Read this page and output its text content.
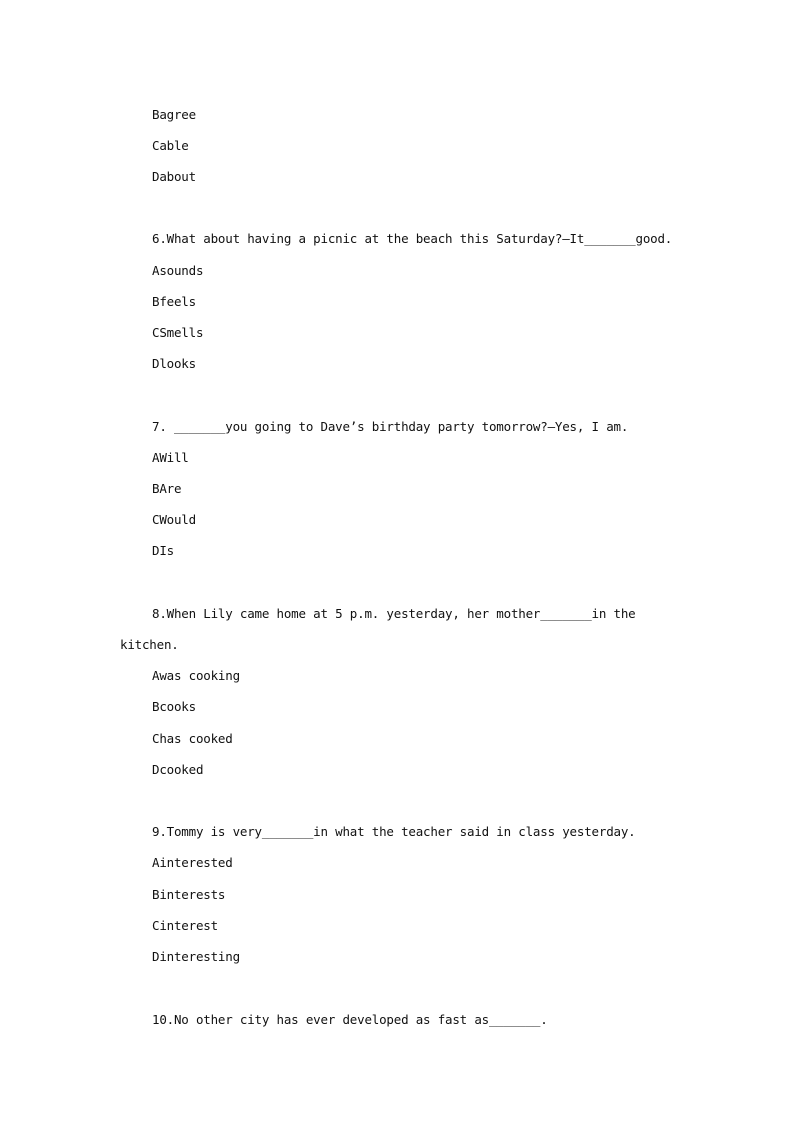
Bagree
Cable
Dabout
6.What about having a picnic at the beach this Saturday?—It_______good.
Asounds
Bfeels
CSmells
Dlooks
7. _______you going to Dave’s birthday party tomorrow?—Yes, I am.
AWill
BAre
CWould
DIs
8.When Lily came home at 5 p.m. yesterday, her mother_______in the
kitchen.
Awas cooking
Bcooks
Chas cooked
Dcooked
9.Tommy is very_______in what the teacher said in class yesterday.
Ainterested
Binterests
Cinterest
Dinteresting
10.No other city has ever developed as fast as_______.
